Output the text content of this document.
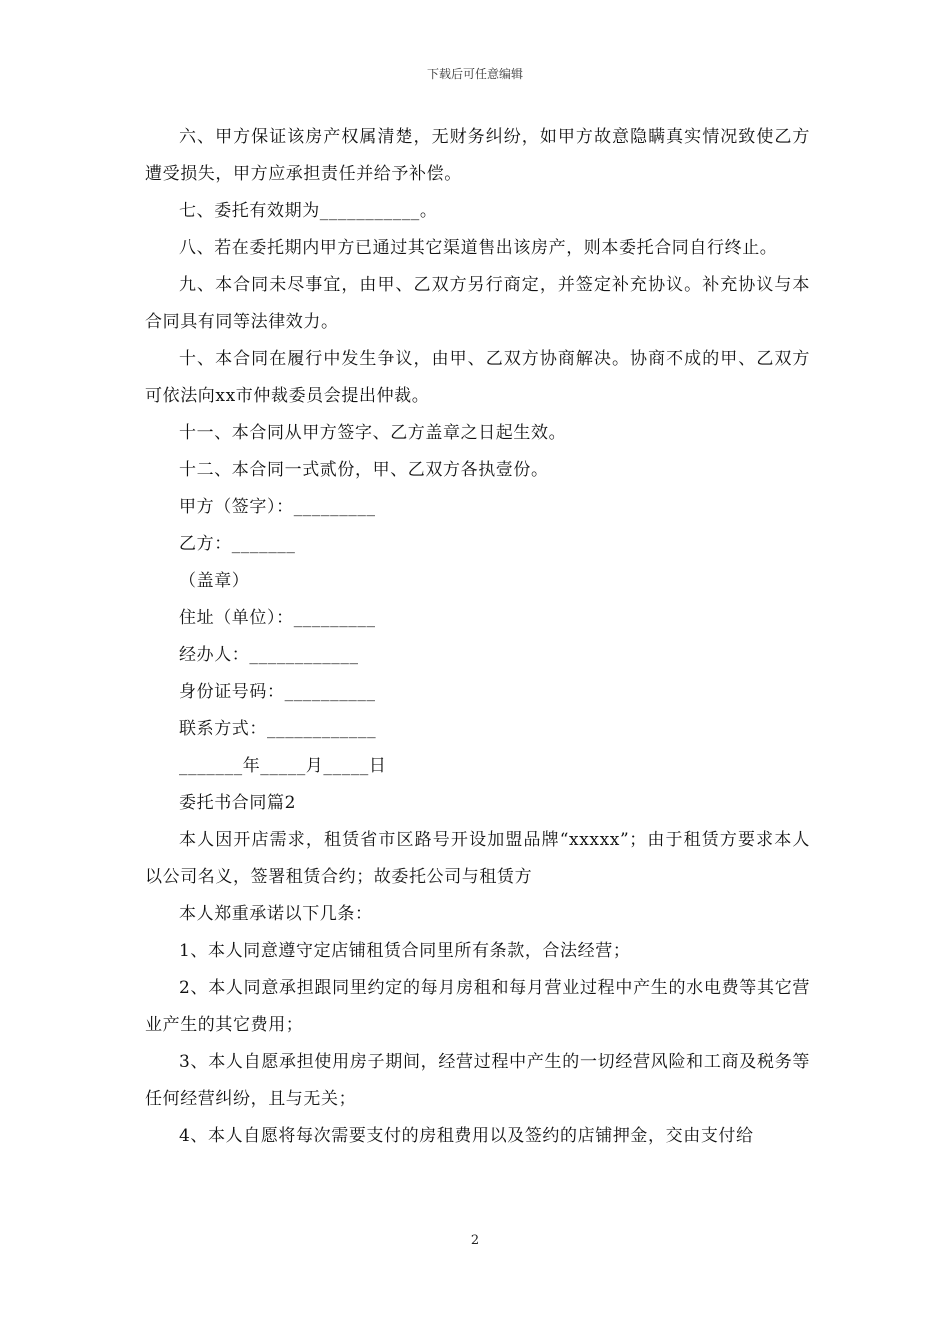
下载后可任意编辑

六、甲方保证该房产权属清楚，无财务纠纷，如甲方故意隐瞒真实情况致使乙方遭受损失，甲方应承担责任并给予补偿。

七、委托有效期为___________。

八、若在委托期内甲方已通过其它渠道售出该房产，则本委托合同自行终止。

九、本合同未尽事宜，由甲、乙双方另行商定，并签定补充协议。补充协议与本合同具有同等法律效力。

十、本合同在履行中发生争议，由甲、乙双方协商解决。协商不成的甲、乙双方可依法向xx市仲裁委员会提出仲裁。

十一、本合同从甲方签字、乙方盖章之日起生效。

十二、本合同一式贰份，甲、乙双方各执壹份。

甲方（签字）：_________

乙方：_______

（盖章）

住址（单位）：_________

经办人：____________

身份证号码：__________

联系方式：____________

_______年_____月_____日

委托书合同篇2

本人因开店需求，租赁省市区路号开设加盟品牌“xxxxx”；由于租赁方要求本人以公司名义，签署租赁合约；故委托公司与租赁方

本人郑重承诺以下几条：

1、本人同意遵守定店铺租赁合同里所有条款，合法经营；

2、本人同意承担跟同里约定的每月房租和每月营业过程中产生的水电费等其它营业产生的其它费用；

3、本人自愿承担使用房子期间，经营过程中产生的一切经营风险和工商及税务等任何经营纠纷，且与无关；

4、本人自愿将每次需要支付的房租费用以及签约的店铺押金，交由支付给

2
